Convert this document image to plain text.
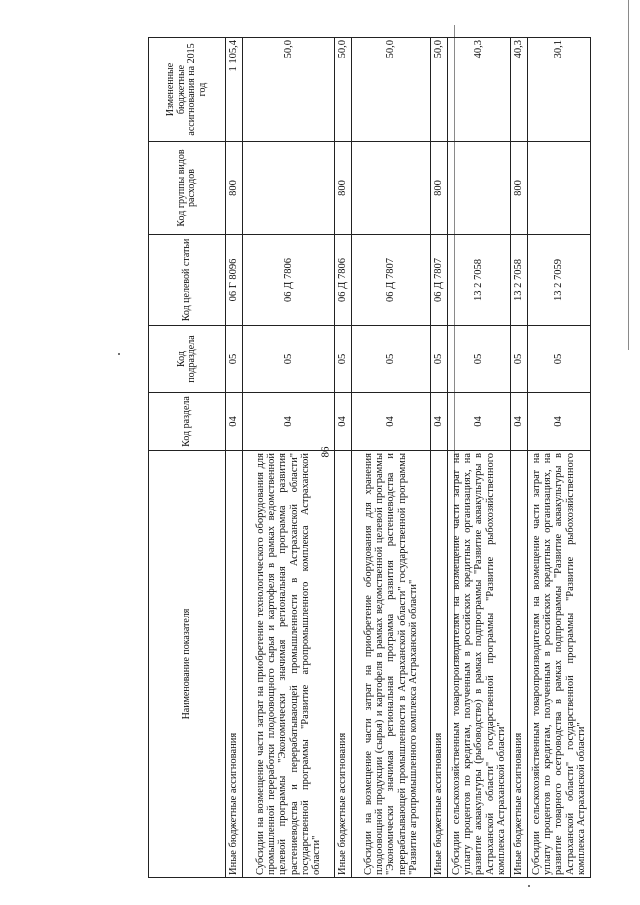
86
Наименование показателя	Код раздела	Код подраздела	Код целевой статьи	Код группы видов расходов	Измененные бюджетные ассигнования на 2015 год
Иные бюджетные ассигнования	04	05	06 Г 8096	800	1 105,4
Субсидии на возмещение части затрат на приобретение технологического оборудования для промышленной переработки плодоовощного сырья и картофеля в рамках ведомственной целевой программы "Экономически значимая региональная программа развития растениеводства и перерабатывающей промышленности в Астраханской области" государственной программы "Развитие агропромышленного комплекса Астраханской области"	04	05	06 Д 7806		50,0
Иные бюджетные ассигнования	04	05	06 Д 7806	800	50,0
Субсидии на возмещение части затрат на приобретение оборудования для хранения плодоовощной продукции (сырья) и картофеля в рамках ведомственной целевой программы "Экономически значимая региональная программа развития растениеводства и перерабатывающей промышленности в Астраханской области" государственной программы "Развитие агропромышленного комплекса Астраханской области"	04	05	06 Д 7807		50,0
Иные бюджетные ассигнования	04	05	06 Д 7807	800	50,0
Субсидии сельскохозяйственным товаропроизводителям на возмещение части затрат на уплату процентов по кредитам, полученным в российских кредитных организациях, на развитие аквакультуры (рыбоводство) в рамках подпрограммы "Развитие аквакультуры в Астраханской области" государственной программы "Развитие рыбохозяйственного комплекса Астраханской области"	04	05	13 2 7058		40,3
Иные бюджетные ассигнования	04	05	13 2 7058	800	40,3
Субсидии сельскохозяйственным товаропроизводителям на возмещение части затрат на уплату процентов по кредитам, полученным в российских кредитных организациях, на развитие товарного осетроводства в рамках подпрограммы "Развитие аквакультуры в Астраханской области" государственной программы "Развитие рыбохозяйственного комплекса Астраханской области"	04	05	13 2 7059		30,1
